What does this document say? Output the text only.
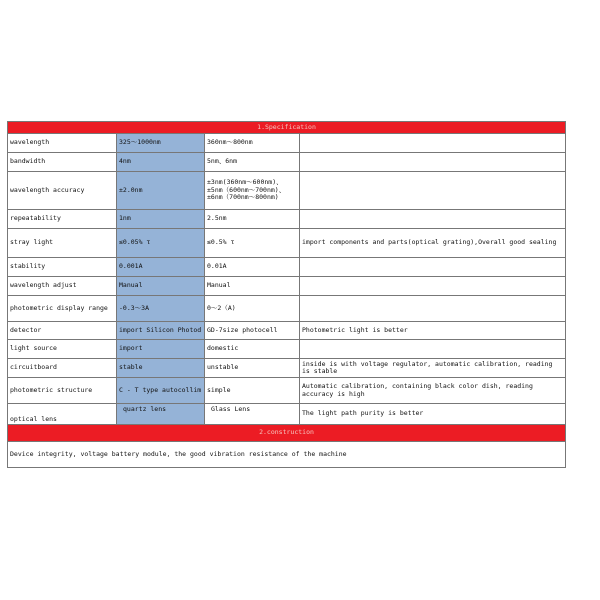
1.Specification			
wavelength	325～1000nm	360nm～800nm	
bandwidth	4nm	5nm、6nm	
wavelength accuracy	±2.0nm	±3nm(360nm～600nm)、±5nm（600nm～700nm)、±6nm（700nm～800nm)	
repeatability	1nm	2.5nm	
stray light	≤0.05% τ	≤0.5% τ	import components and parts(optical grating),Overall good sealing
stability	0.001A	0.01A	
wavelength adjust	Manual	Manual	
photometric display range	-0.3～3A	0～2（A)	
detector	import Silicon Photod	GD-7size photocell	Photometric light is better
light source	import	domestic	
circuitboard	stable	unstable	inside is with voltage regulator, automatic calibration, reading is stable
photometric structure	C - T type autocollim	simple	Automatic calibration, containing black color dish, reading accuracy is high
optical lens	quartz lens	Glass Lens	The light path purity is better
2.construction			
Device integrity, voltage battery module, the good vibration resistance of the machine			
